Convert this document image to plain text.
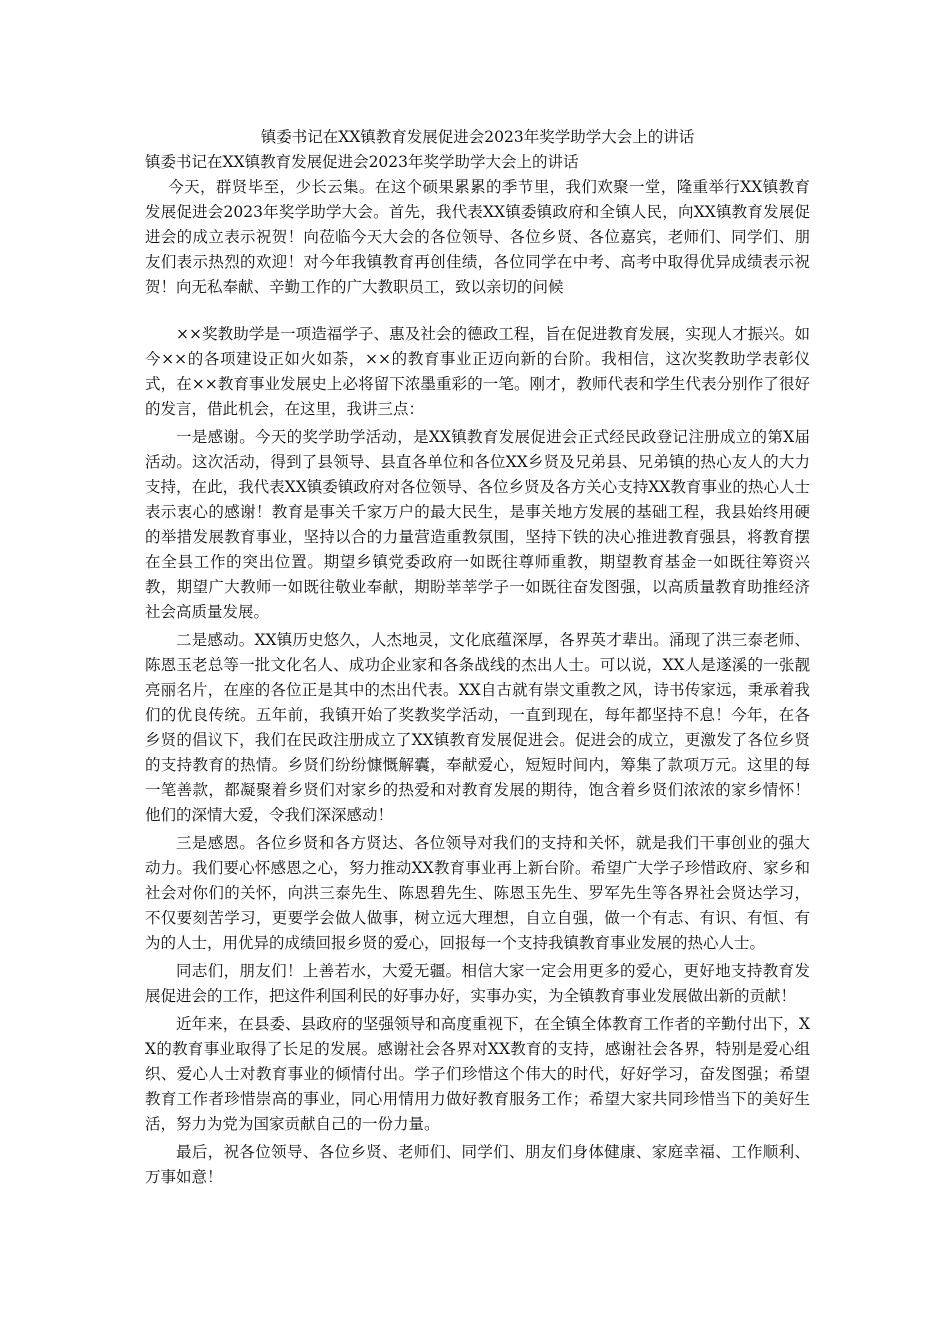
镇委书记在XX镇教育发展促进会2023年奖学助学大会上的讲话
镇委书记在XX镇教育发展促进会2023年奖学助学大会上的讲话

今天，群贤毕至，少长云集。在这个硕果累累的季节里，我们欢聚一堂，隆重举行XX镇教育发展促进会2023年奖学助学大会。首先，我代表XX镇委镇政府和全镇人民，向XX镇教育发展促进会的成立表示祝贺！向莅临今天大会的各位领导、各位乡贤、各位嘉宾，老师们、同学们、朋友们表示热烈的欢迎！对今年我镇教育再创佳绩，各位同学在中考、高考中取得优异成绩表示祝贺！向无私奉献、辛勤工作的广大教职员工，致以亲切的问候

××奖教助学是一项造福学子、惠及社会的德政工程，旨在促进教育发展，实现人才振兴。如今××的各项建设正如火如荼，××的教育事业正迈向新的台阶。我相信，这次奖教助学表彰仪式，在××教育事业发展史上必将留下浓墨重彩的一笔。刚才，教师代表和学生代表分别作了很好的发言，借此机会，在这里，我讲三点：

一是感谢。今天的奖学助学活动，是XX镇教育发展促进会正式经民政登记注册成立的第X届活动。这次活动，得到了县领导、县直各单位和各位XX乡贤及兄弟县、兄弟镇的热心友人的大力支持，在此，我代表XX镇委镇政府对各位领导、各位乡贤及各方关心支持XX教育事业的热心人士表示衷心的感谢！教育是事关千家万户的最大民生，是事关地方发展的基础工程，我县始终用硬的举措发展教育事业，坚持以合的力量营造重教氛围，坚持下铁的决心推进教育强县，将教育摆在全县工作的突出位置。期望乡镇党委政府一如既往尊师重教，期望教育基金一如既往筹资兴教，期望广大教师一如既往敬业奉献，期盼莘莘学子一如既往奋发图强，以高质量教育助推经济社会高质量发展。

二是感动。XX镇历史悠久，人杰地灵，文化底蕴深厚，各界英才辈出。涌现了洪三泰老师、陈恩玉老总等一批文化名人、成功企业家和各条战线的杰出人士。可以说，XX人是遂溪的一张靓亮丽名片，在座的各位正是其中的杰出代表。XX自古就有崇文重教之风，诗书传家远，秉承着我们的优良传统。五年前，我镇开始了奖教奖学活动，一直到现在，每年都坚持不息！今年，在各乡贤的倡议下，我们在民政注册成立了XX镇教育发展促进会。促进会的成立，更激发了各位乡贤的支持教育的热情。乡贤们纷纷慷慨解囊，奉献爱心，短短时间内，筹集了款项万元。这里的每一笔善款，都凝聚着乡贤们对家乡的热爱和对教育发展的期待，饱含着乡贤们浓浓的家乡情怀！他们的深情大爱，令我们深深感动！

三是感恩。各位乡贤和各方贤达、各位领导对我们的支持和关怀，就是我们干事创业的强大动力。我们要心怀感恩之心，努力推动XX教育事业再上新台阶。希望广大学子珍惜政府、家乡和社会对你们的关怀，向洪三泰先生、陈恩碧先生、陈恩玉先生、罗军先生等各界社会贤达学习，不仅要刻苦学习，更要学会做人做事，树立远大理想，自立自强，做一个有志、有识、有恒、有为的人士，用优异的成绩回报乡贤的爱心，回报每一个支持我镇教育事业发展的热心人士。

同志们，朋友们！上善若水，大爱无疆。相信大家一定会用更多的爱心，更好地支持教育发展促进会的工作，把这件利国利民的好事办好，实事办实，为全镇教育事业发展做出新的贡献！

近年来，在县委、县政府的坚强领导和高度重视下，在全镇全体教育工作者的辛勤付出下，XX的教育事业取得了长足的发展。感谢社会各界对XX教育的支持，感谢社会各界，特别是爱心组织、爱心人士对教育事业的倾情付出。学子们珍惜这个伟大的时代，好好学习，奋发图强；希望教育工作者珍惜崇高的事业，同心用情用力做好教育服务工作；希望大家共同珍惜当下的美好生活，努力为党为国家贡献自己的一份力量。

最后，祝各位领导、各位乡贤、老师们、同学们、朋友们身体健康、家庭幸福、工作顺利、万事如意！
